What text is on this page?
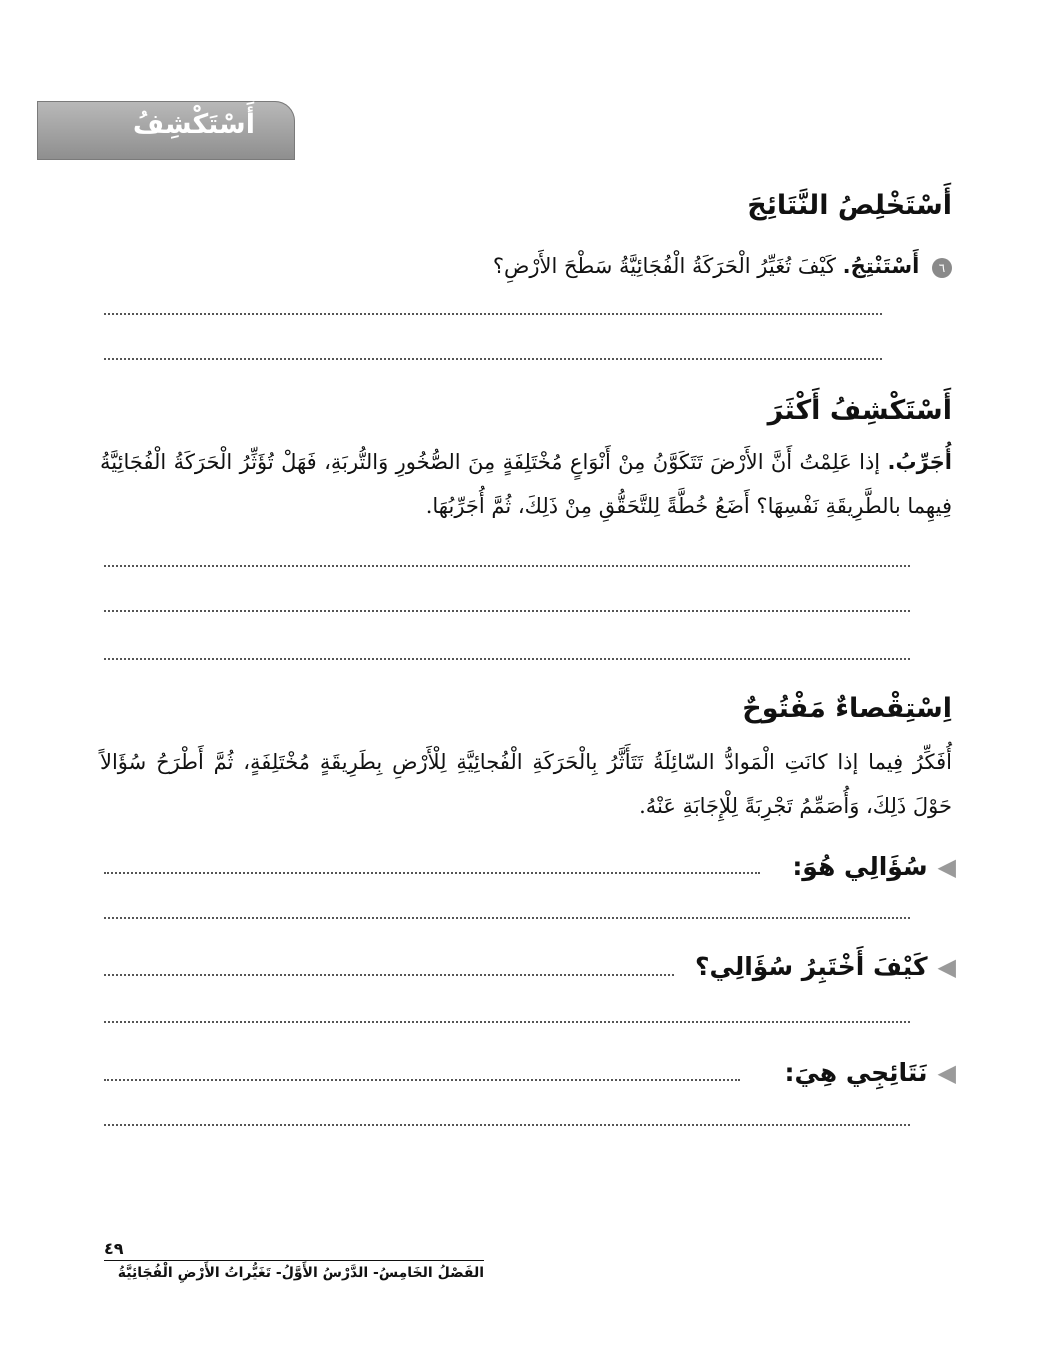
أَسْتَكْشِفُ
أَسْتَخْلِصُ النَّتَائِجَ
٦ أَسْتَنْتِجُ. كَيْفَ تُغَيِّرُ الْحَرَكَةُ الْفُجَائِيَّةُ سَطْحَ الأَرْضِ؟
أَسْتَكْشِفُ أَكْثَرَ
أُجَرِّبُ. إذا عَلِمْتُ أَنَّ الأَرْضَ تَتَكَوَّنُ مِنْ أَنْوَاعٍ مُخْتَلِفَةٍ مِنَ الصُّخُورِ وَالتُّربَةِ، فَهَلْ تُؤَثِّرُ الْحَرَكَةُ الْفُجَائِيَّةُ فِيهِما بالطَّرِيقَةِ نَفْسِهَا؟ أَضَعُ خُطَّةً لِلتَّحَقُّقِ مِنْ ذَلِكَ، ثُمَّ أُجَرِّبُهَا.
اِسْتِقْصاءٌ مَفْتُوحٌ
أُفَكِّرُ فِيما إذا كانَتِ الْمَوادُّ السّائِلَةُ تَتَأَثَّرُ بِالْحَرَكَةِ الْفُجائِيَّةِ لِلْأَرْضِ بِطَرِيقَةٍ مُخْتَلِفَةٍ، ثُمَّ أَطْرَحُ سُؤَالاً حَوْلَ ذَلِكَ، وَأُصَمِّمُ تَجْرِبَةً لِلْإِجَابَةِ عَنْهُ.
◀
سُؤَالِي هُوَ:
◀
كَيْفَ أَخْتَبِرُ سُؤَالِي؟
◀
نَتَائِجِي هِيَ:
٤٩
الفَصْلُ الخَامِسُ- الدَّرْسُ الأَوَّلُ- تَغَيُّراتُ الأَرْضِ الْفُجَائِيَّةُ
